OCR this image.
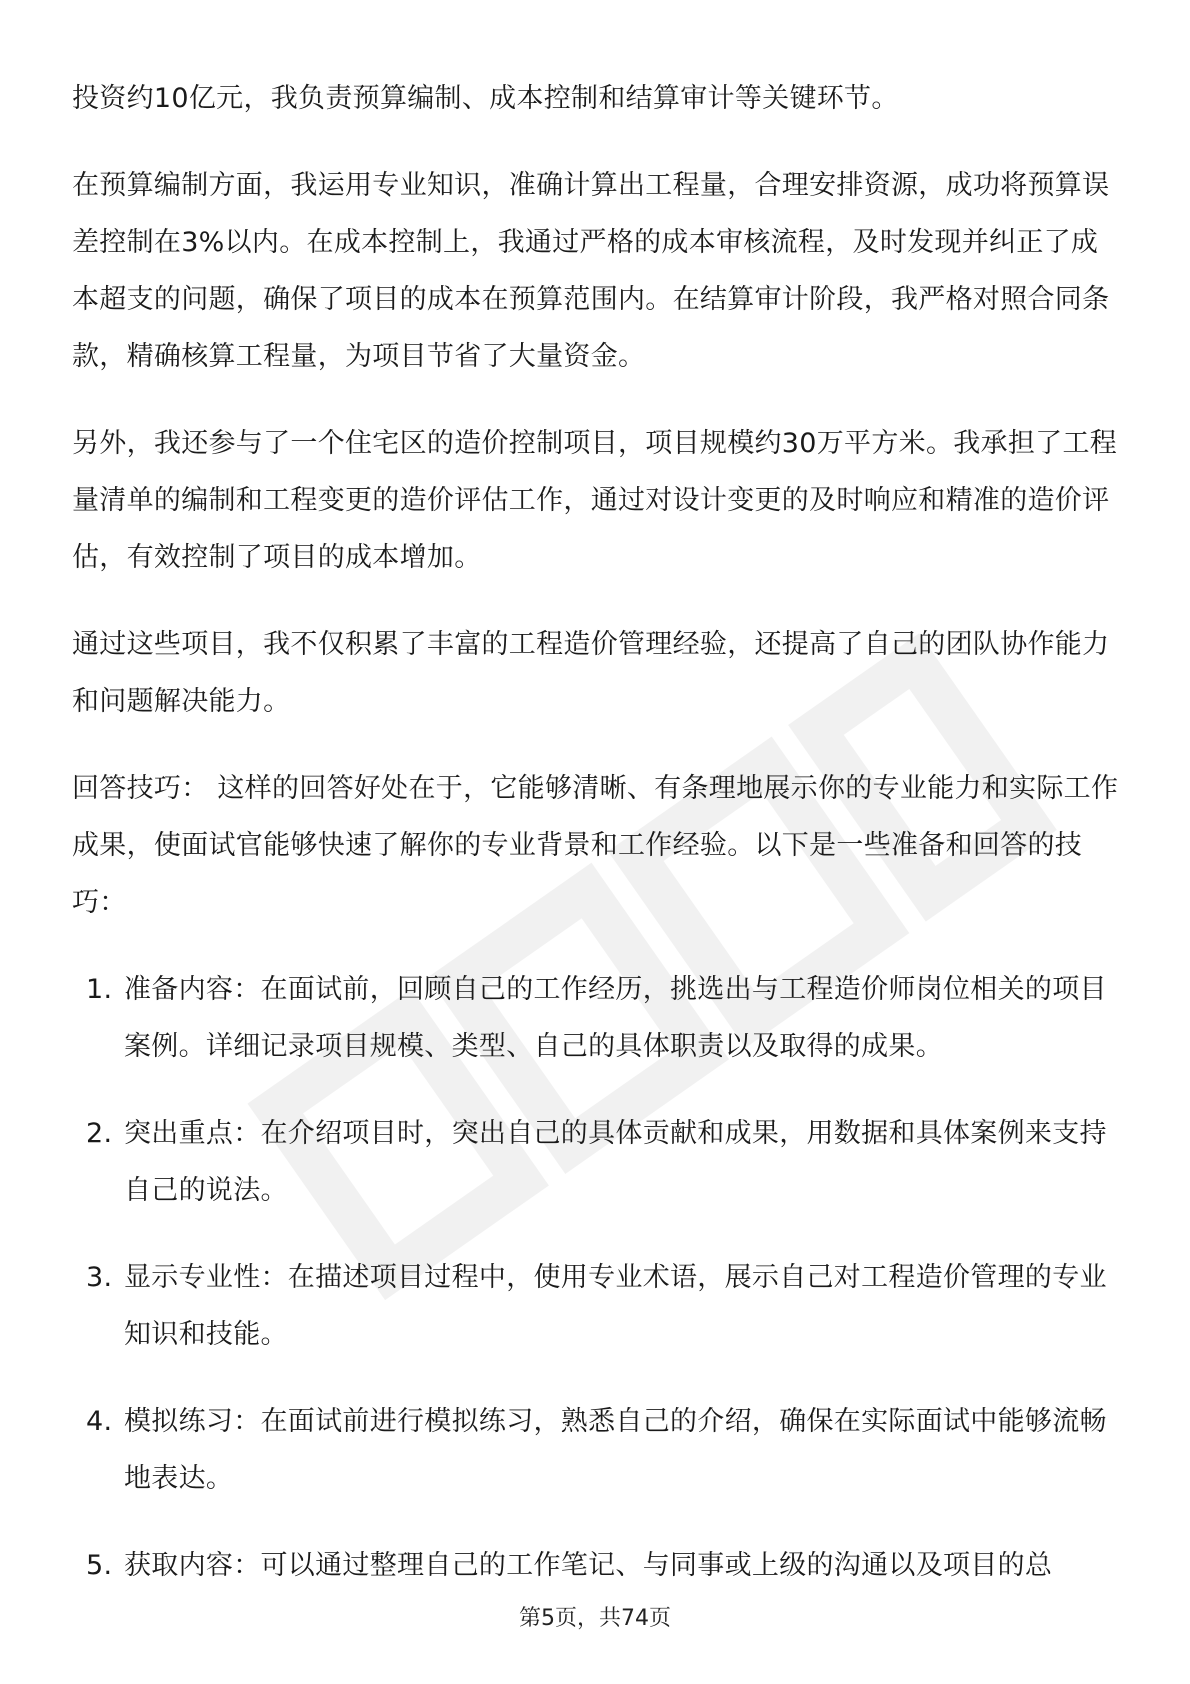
投资约10亿元，我负责预算编制、成本控制和结算审计等关键环节。

在预算编制方面，我运用专业知识，准确计算出工程量，合理安排资源，成功将预算误差控制在3%以内。在成本控制上，我通过严格的成本审核流程，及时发现并纠正了成本超支的问题，确保了项目的成本在预算范围内。在结算审计阶段，我严格对照合同条款，精确核算工程量，为项目节省了大量资金。

另外，我还参与了一个住宅区的造价控制项目，项目规模约30万平方米。我承担了工程量清单的编制和工程变更的造价评估工作，通过对设计变更的及时响应和精准的造价评估，有效控制了项目的成本增加。

通过这些项目，我不仅积累了丰富的工程造价管理经验，还提高了自己的团队协作能力和问题解决能力。

回答技巧： 这样的回答好处在于，它能够清晰、有条理地展示你的专业能力和实际工作成果，使面试官能够快速了解你的专业背景和工作经验。以下是一些准备和回答的技巧：

1. 准备内容：在面试前，回顾自己的工作经历，挑选出与工程造价师岗位相关的项目案例。详细记录项目规模、类型、自己的具体职责以及取得的成果。
2. 突出重点：在介绍项目时，突出自己的具体贡献和成果，用数据和具体案例来支持自己的说法。
3. 显示专业性：在描述项目过程中，使用专业术语，展示自己对工程造价管理的专业知识和技能。
4. 模拟练习：在面试前进行模拟练习，熟悉自己的介绍，确保在实际面试中能够流畅地表达。
5. 获取内容：可以通过整理自己的工作笔记、与同事或上级的沟通以及项目的总
第5页，共74页
